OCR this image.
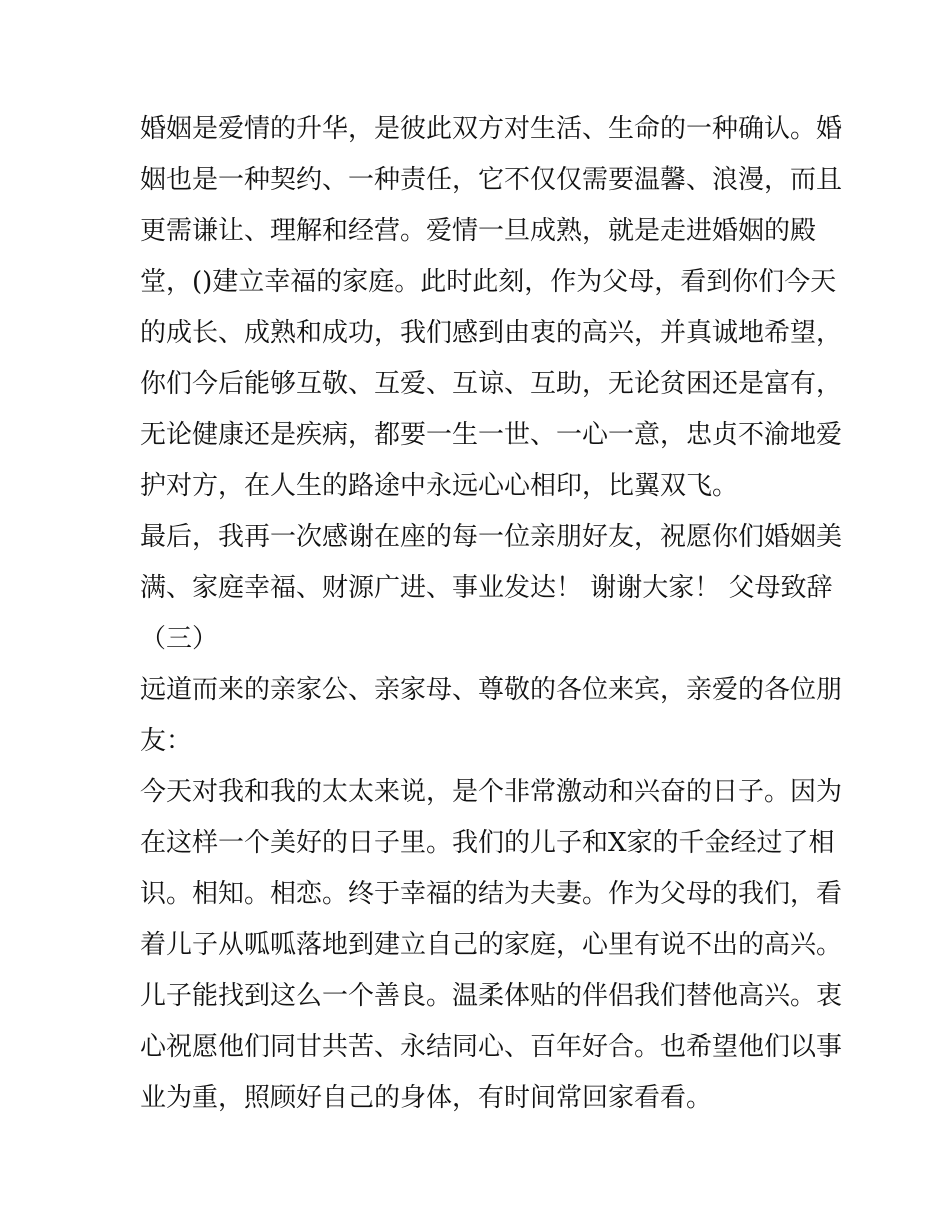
婚姻是爱情的升华，是彼此双方对生活、生命的一种确认。婚
姻也是一种契约、一种责任，它不仅仅需要温馨、浪漫，而且
更需谦让、理解和经营。爱情一旦成熟，就是走进婚姻的殿
堂，()建立幸福的家庭。此时此刻，作为父母，看到你们今天
的成长、成熟和成功，我们感到由衷的高兴，并真诚地希望，
你们今后能够互敬、互爱、互谅、互助，无论贫困还是富有，
无论健康还是疾病，都要一生一世、一心一意，忠贞不渝地爱
护对方，在人生的路途中永远心心相印，比翼双飞。
最后，我再一次感谢在座的每一位亲朋好友，祝愿你们婚姻美
满、家庭幸福、财源广进、事业发达！ 谢谢大家！ 父母致辞
（三）
远道而来的亲家公、亲家母、尊敬的各位来宾，亲爱的各位朋
友：
今天对我和我的太太来说，是个非常激动和兴奋的日子。因为
在这样一个美好的日子里。我们的儿子和X家的千金经过了相
识。相知。相恋。终于幸福的结为夫妻。作为父母的我们，看
着儿子从呱呱落地到建立自己的家庭，心里有说不出的高兴。
儿子能找到这么一个善良。温柔体贴的伴侣我们替他高兴。衷
心祝愿他们同甘共苦、永结同心、百年好合。也希望他们以事
业为重，照顾好自己的身体，有时间常回家看看。
